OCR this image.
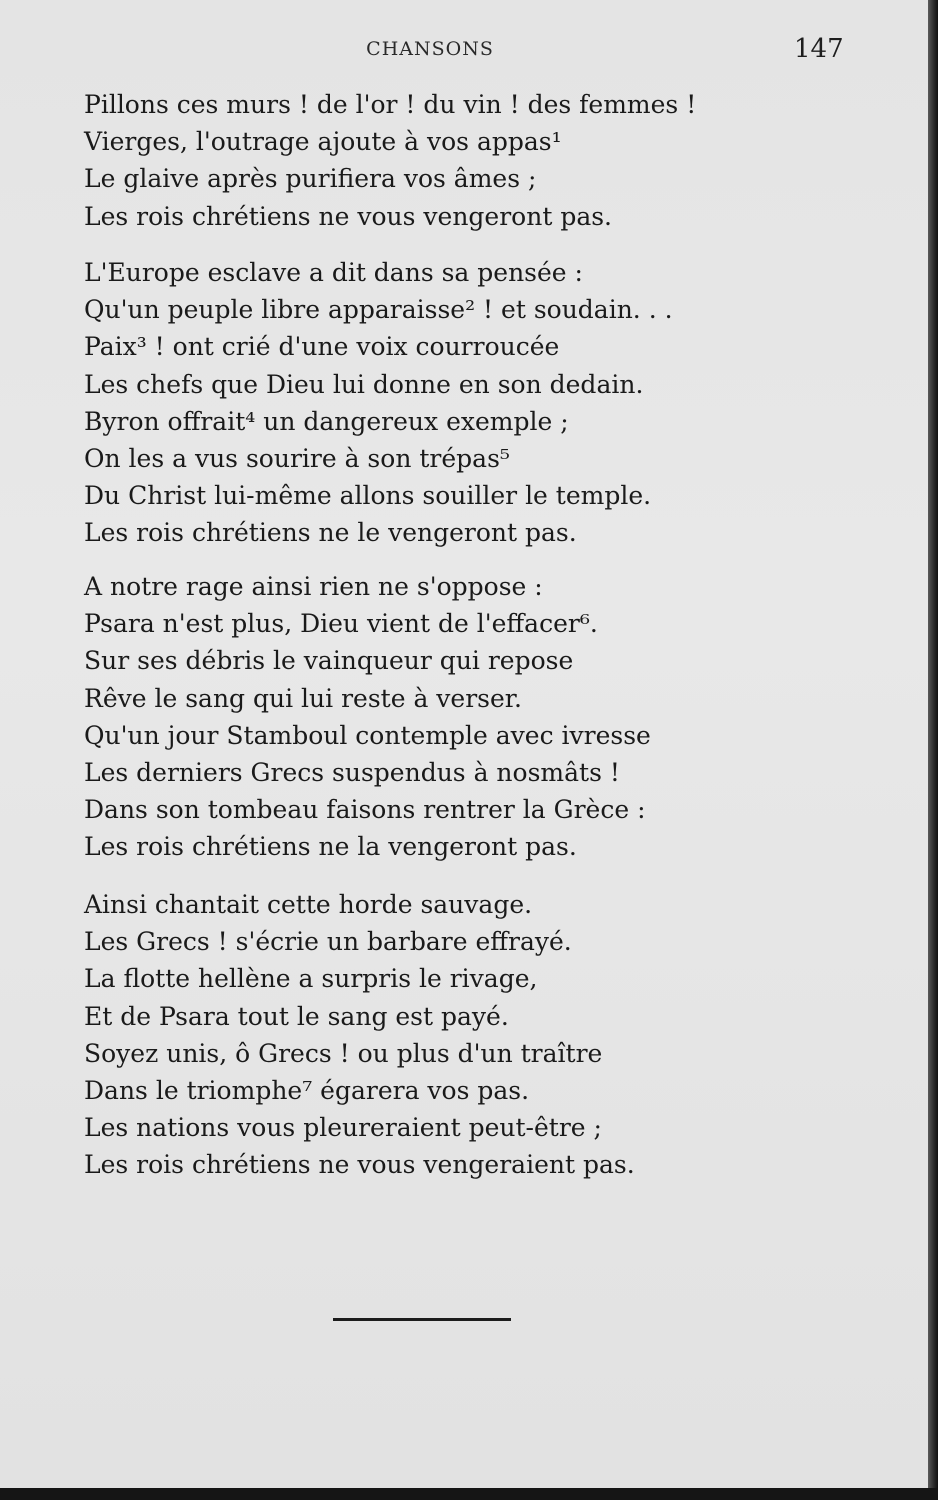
CHANSONS	147
Pillons ces murs ! de l'or ! du vin ! des femmes !
Vierges, l'outrage ajoute à vos appas¹
Le glaive après purifiera vos âmes ;
Les rois chrétiens ne vous vengeront pas.
L'Europe esclave a dit dans sa pensée :
Qu'un peuple libre apparaisse² ! et soudain. . .
Paix³ ! ont crié d'une voix courroucée
Les chefs que Dieu lui donne en son dedain.
Byron offrait⁴ un dangereux exemple ;
On les a vus sourire à son trépas⁵
Du Christ lui-même allons souiller le temple.
Les rois chrétiens ne le vengeront pas.
A notre rage ainsi rien ne s'oppose :
Psara n'est plus, Dieu vient de l'effacer⁶.
Sur ses débris le vainqueur qui repose
Rêve le sang qui lui reste à verser.
Qu'un jour Stamboul contemple avec ivresse
Les derniers Grecs suspendus à nosmâts !
Dans son tombeau faisons rentrer la Grèce :
Les rois chrétiens ne la vengeront pas.
Ainsi chantait cette horde sauvage.
Les Grecs ! s'écrie un barbare effrayé.
La flotte hellène a surpris le rivage,
Et de Psara tout le sang est payé.
Soyez unis, ô Grecs ! ou plus d'un traître
Dans le triomphe⁷ égarera vos pas.
Les nations vous pleureraient peut-être ;
Les rois chrétiens ne vous vengeraient pas.
